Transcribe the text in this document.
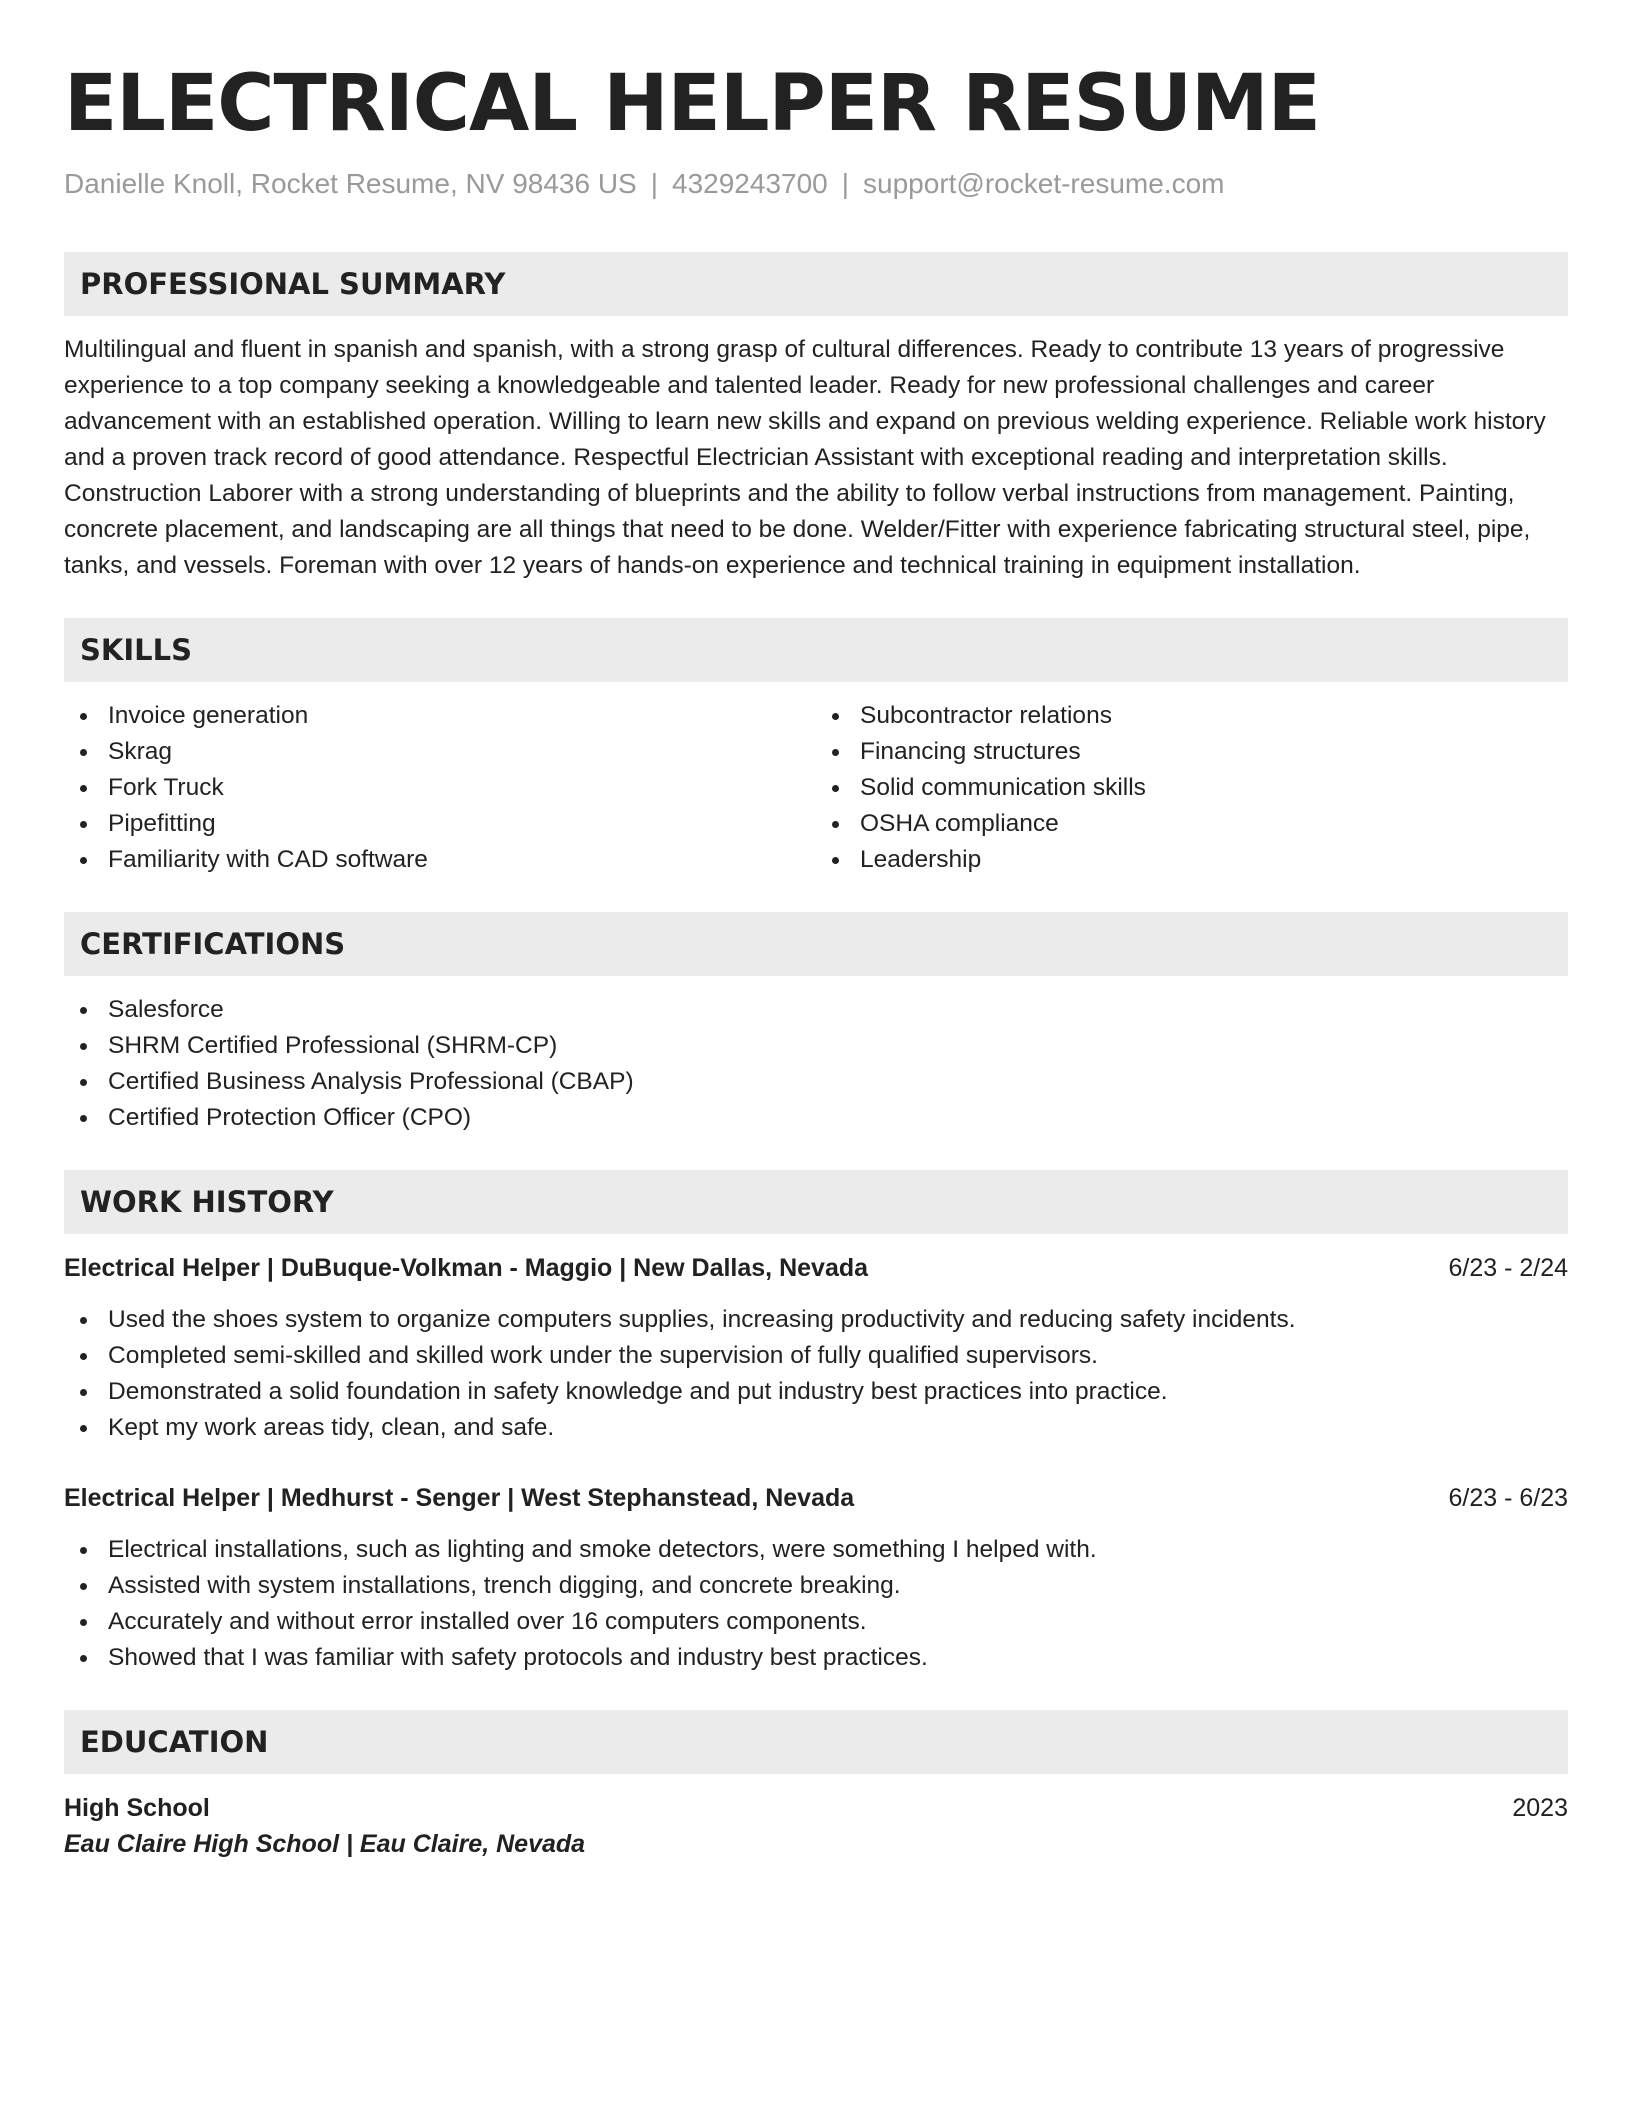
ELECTRICAL HELPER RESUME
Danielle Knoll, Rocket Resume, NV 98436 US | 4329243700 | support@rocket-resume.com
PROFESSIONAL SUMMARY

Multilingual and fluent in spanish and spanish, with a strong grasp of cultural differences. Ready to contribute 13 years of progressive experience to a top company seeking a knowledgeable and talented leader. Ready for new professional challenges and career advancement with an established operation. Willing to learn new skills and expand on previous welding experience. Reliable work history and a proven track record of good attendance. Respectful Electrician Assistant with exceptional reading and interpretation skills. Construction Laborer with a strong understanding of blueprints and the ability to follow verbal instructions from management. Painting, concrete placement, and landscaping are all things that need to be done. Welder/Fitter with experience fabricating structural steel, pipe, tanks, and vessels. Foreman with over 12 years of hands-on experience and technical training in equipment installation.

SKILLS
Invoice generation
Skrag
Fork Truck
Pipefitting
Familiarity with CAD software
Subcontractor relations
Financing structures
Solid communication skills
OSHA compliance
Leadership
CERTIFICATIONS
Salesforce
SHRM Certified Professional (SHRM-CP)
Certified Business Analysis Professional (CBAP)
Certified Protection Officer (CPO)
WORK HISTORY
Electrical Helper | DuBuque-Volkman - Maggio | New Dallas, Nevada	6/23 - 2/24
Used the shoes system to organize computers supplies, increasing productivity and reducing safety incidents.
Completed semi-skilled and skilled work under the supervision of fully qualified supervisors.
Demonstrated a solid foundation in safety knowledge and put industry best practices into practice.
Kept my work areas tidy, clean, and safe.
Electrical Helper | Medhurst - Senger | West Stephanstead, Nevada	6/23 - 6/23
Electrical installations, such as lighting and smoke detectors, were something I helped with.
Assisted with system installations, trench digging, and concrete breaking.
Accurately and without error installed over 16 computers components.
Showed that I was familiar with safety protocols and industry best practices.
EDUCATION
High School	2023
Eau Claire High School | Eau Claire, Nevada
